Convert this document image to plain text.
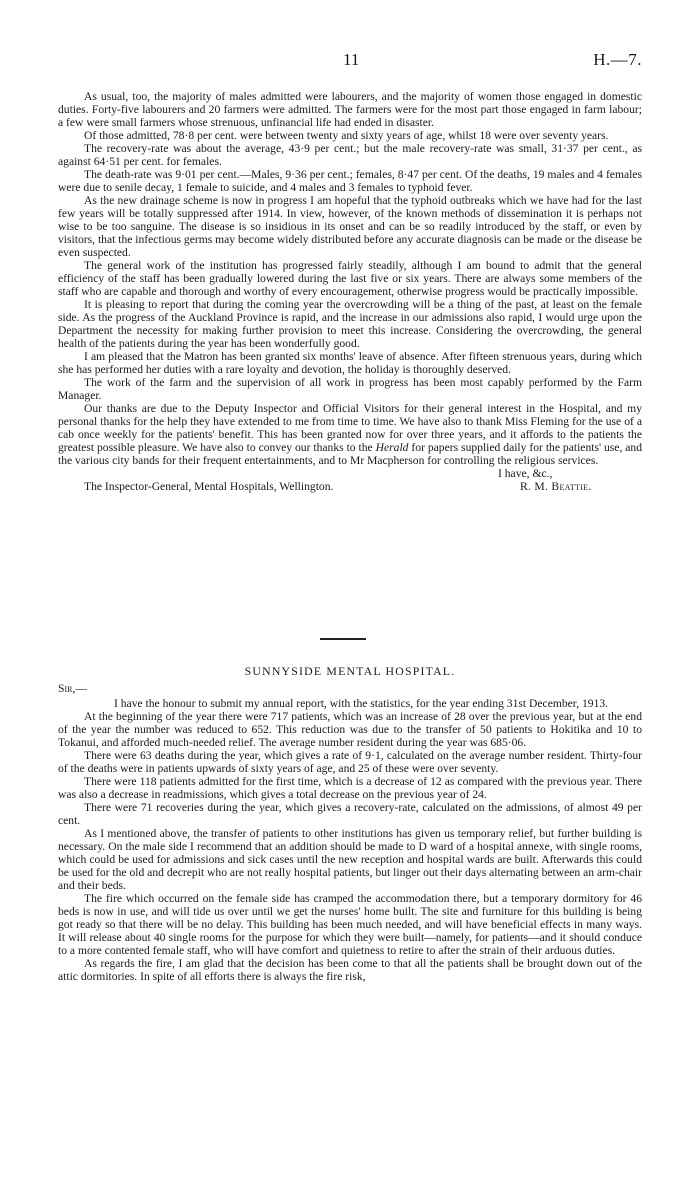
11	H.—7.

As usual, too, the majority of males admitted were labourers, and the majority of women those engaged in domestic duties. Forty-five labourers and 20 farmers were admitted. The farmers were for the most part those engaged in farm labour; a few were small farmers whose strenuous, unfinancial life had ended in disaster.

Of those admitted, 78·8 per cent. were between twenty and sixty years of age, whilst 18 were over seventy years.

The recovery-rate was about the average, 43·9 per cent.; but the male recovery-rate was small, 31·37 per cent., as against 64·51 per cent. for females.

The death-rate was 9·01 per cent.—Males, 9·36 per cent.; females, 8·47 per cent. Of the deaths, 19 males and 4 females were due to senile decay, 1 female to suicide, and 4 males and 3 females to typhoid fever.

As the new drainage scheme is now in progress I am hopeful that the typhoid outbreaks which we have had for the last few years will be totally suppressed after 1914. In view, however, of the known methods of dissemination it is perhaps not wise to be too sanguine. The disease is so insidious in its onset and can be so readily introduced by the staff, or even by visitors, that the infectious germs may become widely distributed before any accurate diagnosis can be made or the disease be even suspected.

The general work of the institution has progressed fairly steadily, although I am bound to admit that the general efficiency of the staff has been gradually lowered during the last five or six years. There are always some members of the staff who are capable and thorough and worthy of every encouragement, otherwise progress would be practically impossible.

It is pleasing to report that during the coming year the overcrowding will be a thing of the past, at least on the female side. As the progress of the Auckland Province is rapid, and the increase in our admissions also rapid, I would urge upon the Department the necessity for making further provision to meet this increase. Considering the overcrowding, the general health of the patients during the year has been wonderfully good.

I am pleased that the Matron has been granted six months' leave of absence. After fifteen strenuous years, during which she has performed her duties with a rare loyalty and devotion, the holiday is thoroughly deserved.

The work of the farm and the supervision of all work in progress has been most capably performed by the Farm Manager.

Our thanks are due to the Deputy Inspector and Official Visitors for their general interest in the Hospital, and my personal thanks for the help they have extended to me from time to time. We have also to thank Miss Fleming for the use of a cab once weekly for the patients' benefit. This has been granted now for over three years, and it affords to the patients the greatest possible pleasure. We have also to convey our thanks to the Herald for papers supplied daily for the patients' use, and the various city bands for their frequent entertainments, and to Mr Macpherson for controlling the religious services.

I have, &c.,
The Inspector-General, Mental Hospitals, Wellington.	R. M. Beattie.
SUNNYSIDE MENTAL HOSPITAL.

Sir,—

I have the honour to submit my annual report, with the statistics, for the year ending 31st December, 1913.

At the beginning of the year there were 717 patients, which was an increase of 28 over the previous year, but at the end of the year the number was reduced to 652. This reduction was due to the transfer of 50 patients to Hokitika and 10 to Tokanui, and afforded much-needed relief. The average number resident during the year was 685·06.

There were 63 deaths during the year, which gives a rate of 9·1, calculated on the average number resident. Thirty-four of the deaths were in patients upwards of sixty years of age, and 25 of these were over seventy.

There were 118 patients admitted for the first time, which is a decrease of 12 as compared with the previous year. There was also a decrease in readmissions, which gives a total decrease on the previous year of 24.

There were 71 recoveries during the year, which gives a recovery-rate, calculated on the admissions, of almost 49 per cent.

As I mentioned above, the transfer of patients to other institutions has given us temporary relief, but further building is necessary. On the male side I recommend that an addition should be made to D ward of a hospital annexe, with single rooms, which could be used for admissions and sick cases until the new reception and hospital wards are built. Afterwards this could be used for the old and decrepit who are not really hospital patients, but linger out their days alternating between an arm-chair and their beds.

The fire which occurred on the female side has cramped the accommodation there, but a temporary dormitory for 46 beds is now in use, and will tide us over until we get the nurses' home built. The site and furniture for this building is being got ready so that there will be no delay. This building has been much needed, and will have beneficial effects in many ways. It will release about 40 single rooms for the purpose for which they were built—namely, for patients—and it should conduce to a more contented female staff, who will have comfort and quietness to retire to after the strain of their arduous duties.

As regards the fire, I am glad that the decision has been come to that all the patients shall be brought down out of the attic dormitories. In spite of all efforts there is always the fire risk,
